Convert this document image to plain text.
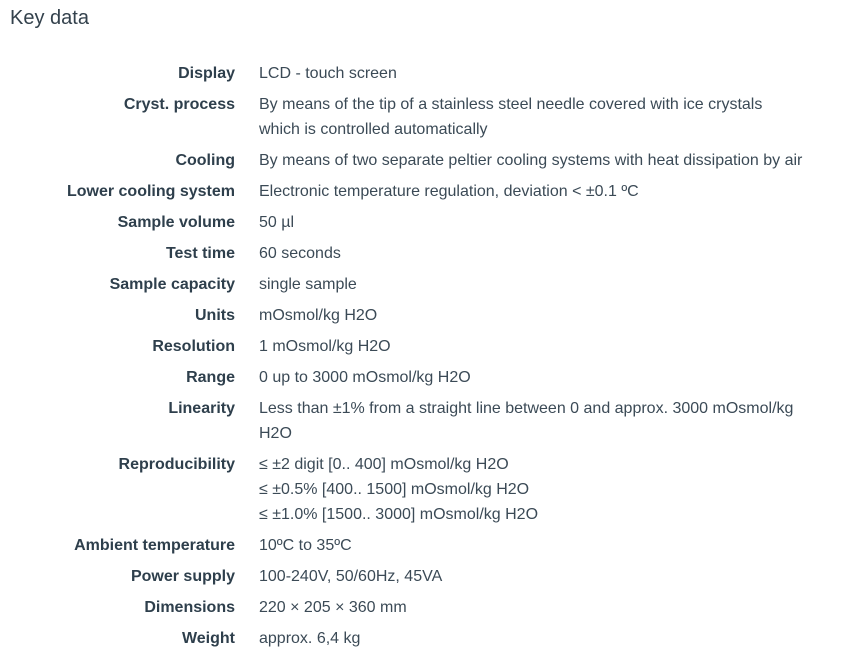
Key data
Display LCD - touch screen
Cryst. process By means of the tip of a stainless steel needle covered with ice crystals
which is controlled automatically
Cooling By means of two separate peltier cooling systems with heat dissipation by air
Lower cooling system Electronic temperature regulation, deviation < ±0.1 ºC
Sample volume 50 µl
Test time 60 seconds
Sample capacity single sample
Units mOsmol/kg H2O
Resolution 1 mOsmol/kg H2O
Range 0 up to 3000 mOsmol/kg H2O
Linearity Less than ±1% from a straight line between 0 and approx. 3000 mOsmol/kg
H2O
Reproducibility ≤ ±2 digit [0.. 400] mOsmol/kg H2O
≤ ±0.5% [400.. 1500] mOsmol/kg H2O
≤ ±1.0% [1500.. 3000] mOsmol/kg H2O
Ambient temperature 10ºC to 35ºC
Power supply 100-240V, 50/60Hz, 45VA
Dimensions 220 × 205 × 360 mm
Weight approx. 6,4 kg
